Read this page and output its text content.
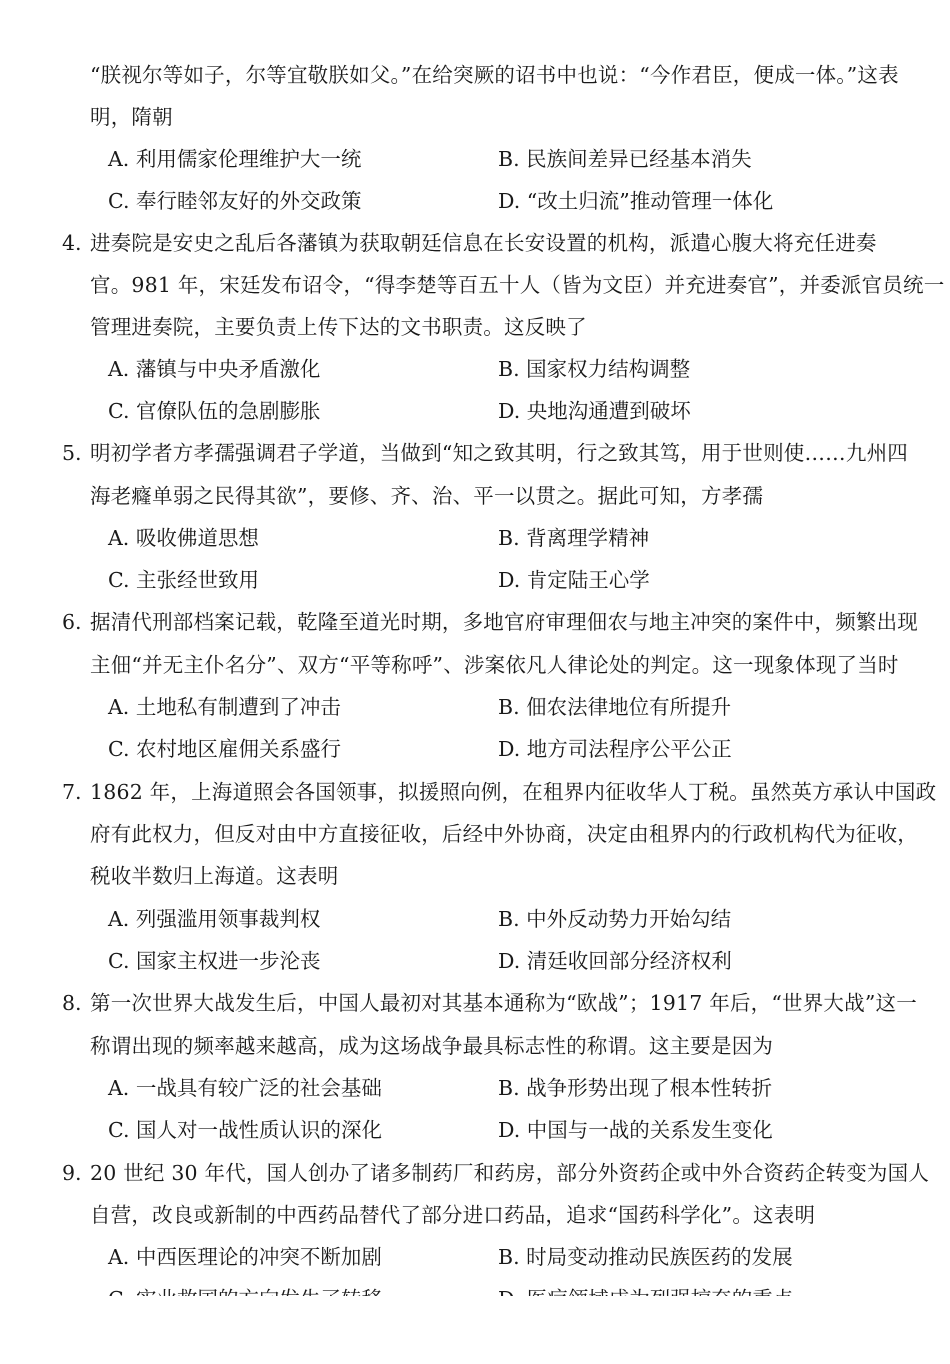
“朕视尔等如子，尔等宜敬朕如父。”在给突厥的诏书中也说：“今作君臣，便成一体。”这表
明，隋朝
A. 利用儒家伦理维护大一统	B. 民族间差异已经基本消失
C. 奉行睦邻友好的外交政策	D. “改土归流”推动管理一体化
4. 进奏院是安史之乱后各藩镇为获取朝廷信息在长安设置的机构，派遣心腹大将充任进奏
官。981 年，宋廷发布诏令，“得李楚等百五十人（皆为文臣）并充进奏官”，并委派官员统一
管理进奏院，主要负责上传下达的文书职责。这反映了
A. 藩镇与中央矛盾激化	B. 国家权力结构调整
C. 官僚队伍的急剧膨胀	D. 央地沟通遭到破坏
5. 明初学者方孝孺强调君子学道，当做到“知之致其明，行之致其笃，用于世则使……九州四
海老癃单弱之民得其欲”，要修、齐、治、平一以贯之。据此可知，方孝孺
A. 吸收佛道思想	B. 背离理学精神
C. 主张经世致用	D. 肯定陆王心学
6. 据清代刑部档案记载，乾隆至道光时期，多地官府审理佃农与地主冲突的案件中，频繁出现
主佃“并无主仆名分”、双方“平等称呼”、涉案依凡人律论处的判定。这一现象体现了当时
A. 土地私有制遭到了冲击	B. 佃农法律地位有所提升
C. 农村地区雇佣关系盛行	D. 地方司法程序公平公正
7. 1862 年，上海道照会各国领事，拟援照向例，在租界内征收华人丁税。虽然英方承认中国政
府有此权力，但反对由中方直接征收，后经中外协商，决定由租界内的行政机构代为征收，
税收半数归上海道。这表明
A. 列强滥用领事裁判权	B. 中外反动势力开始勾结
C. 国家主权进一步沦丧	D. 清廷收回部分经济权利
8. 第一次世界大战发生后，中国人最初对其基本通称为“欧战”；1917 年后，“世界大战”这一
称谓出现的频率越来越高，成为这场战争最具标志性的称谓。这主要是因为
A. 一战具有较广泛的社会基础	B. 战争形势出现了根本性转折
C. 国人对一战性质认识的深化	D. 中国与一战的关系发生变化
9. 20 世纪 30 年代，国人创办了诸多制药厂和药房，部分外资药企或中外合资药企转变为国人
自营，改良或新制的中西药品替代了部分进口药品，追求“国药科学化”。这表明
A. 中西医理论的冲突不断加剧	B. 时局变动推动民族医药的发展
